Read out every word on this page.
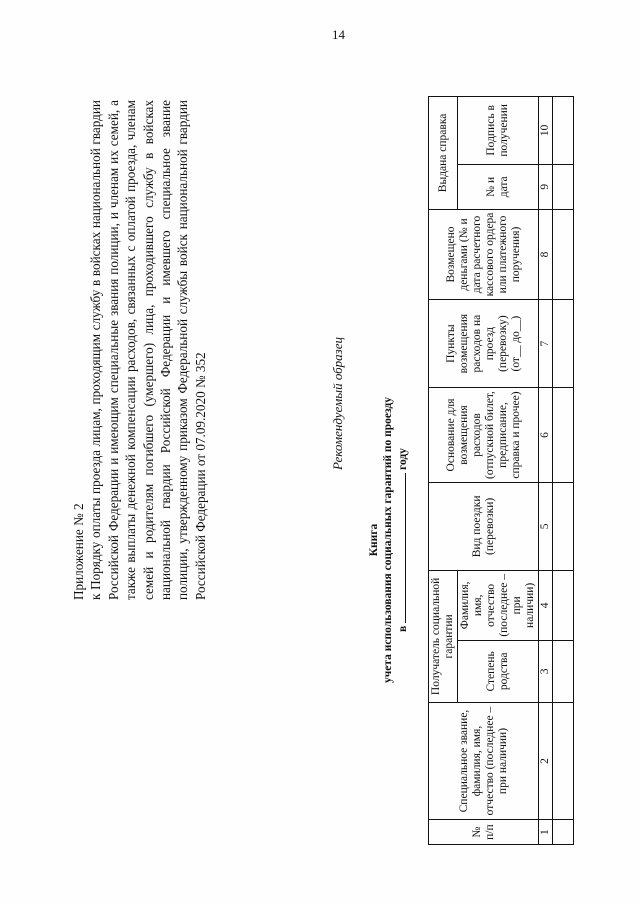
14
Приложение № 2 к Порядку оплаты проезда лицам, проходящим службу в войсках национальной гвардии Российской Федерации и имеющим специальные звания полиции, и членам их семей, а также выплаты денежной компенсации расходов, связанных с оплатой проезда, членам семей и родителям погибшего (умершего) лица, проходившего службу в войсках национальной гвардии Российской Федерации и имевшего специальное звание полиции, утвержденному приказом Федеральной службы войск национальной гвардии Российской Федерации от 07.09.2020 № 352	Рекомендуемый образец
Книга учета использования социальных гарантий по проезду в  году
№ п/п	Специальное звание, фамилия, имя, отчество (последнее – при наличии)	Получатель социальной гарантии		Вид поездки (перевозки)	Основание для возмещения расходов (отпускной билет, предписание, справка и прочее)	Пункты возмещения расходов на проезд (перевозку) (от__ до__)	Возмещено деньгами (№ и дата расчетного кассового ордера или платежного поручения)	Выдана справка	
		Степень родства	Фамилия, имя, отчество (последнее – при наличии)					№ и дата	Подпись в получении
1	2	3	4	5	6	7	8	9	10
